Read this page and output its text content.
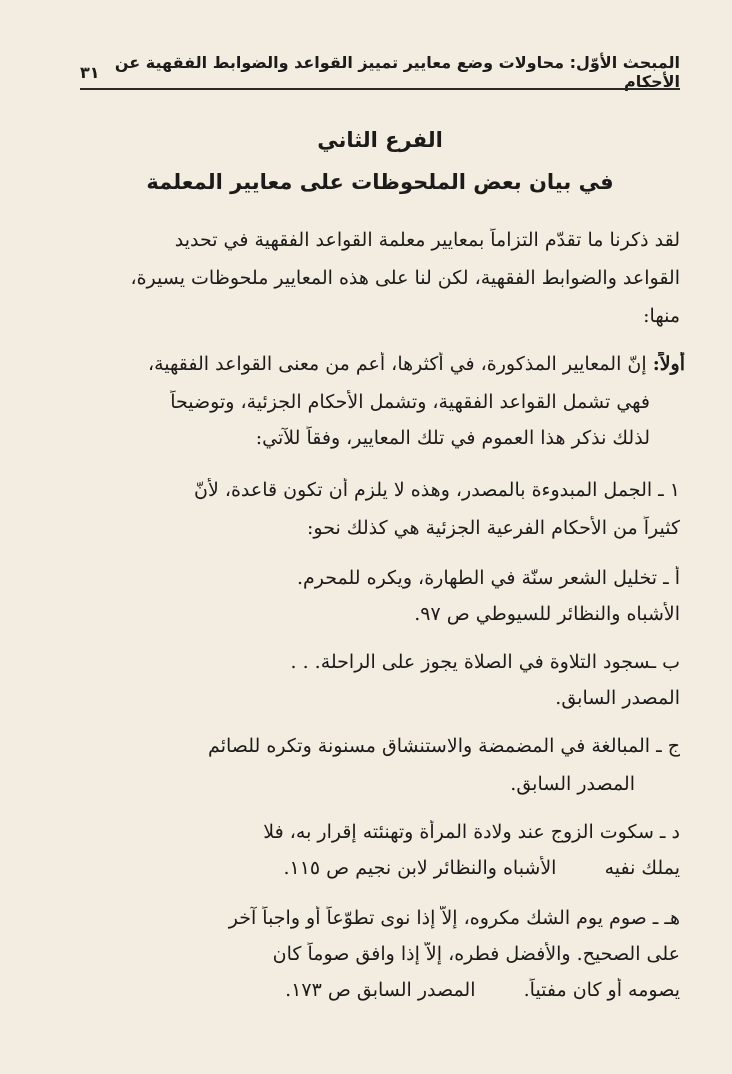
المبحث الأوّل: محاولات وضع معايير تمييز القواعد والضوابط الفقهية عن الأحكام
٣١
الفرع الثاني
في بيان بعض الملحوظات على معايير المعلمة
لقد ذكرنا ما تقدّم التزاماً بمعايير معلمة القواعد الفقهية في تحديد
القواعد والضوابط الفقهية، لكن لنا على هذه المعايير ملحوظات يسيرة،
منها:
أولاً: إنّ المعايير المذكورة، في أكثرها، أعم من معنى القواعد الفقهية،
فهي تشمل القواعد الفقهية، وتشمل الأحكام الجزئية، وتوضيحاً
لذلك نذكر هذا العموم في تلك المعايير، وفقاً للآتي:
١ ـ الجمل المبدوءة بالمصدر، وهذه لا يلزم أن تكون قاعدة، لأنّ
كثيراً من الأحكام الفرعية الجزئية هي كذلك نحو:
أ ـ تخليل الشعر سنّة في الطهارة، ويكره للمحرم.
الأشباه والنظائر للسيوطي ص ٩٧.
ب ـسجود التلاوة في الصلاة يجوز على الراحلة. . .
المصدر السابق.
ج ـ المبالغة في المضمضة والاستنشاق مسنونة وتكره للصائم
المصدر السابق.
د ـ سكوت الزوج عند ولادة المرأة وتهنئته إقرار به، فلا
يملك نفيه  الأشباه والنظائر لابن نجيم ص ١١٥.
هـ ـ صوم يوم الشك مكروه، إلاّ إذا نوى تطوّعاً أو واجباً آخر
على الصحيح. والأفضل فطره، إلاّ إذا وافق صوماً كان
يصومه أو كان مفتياً.  المصدر السابق ص ١٧٣.
